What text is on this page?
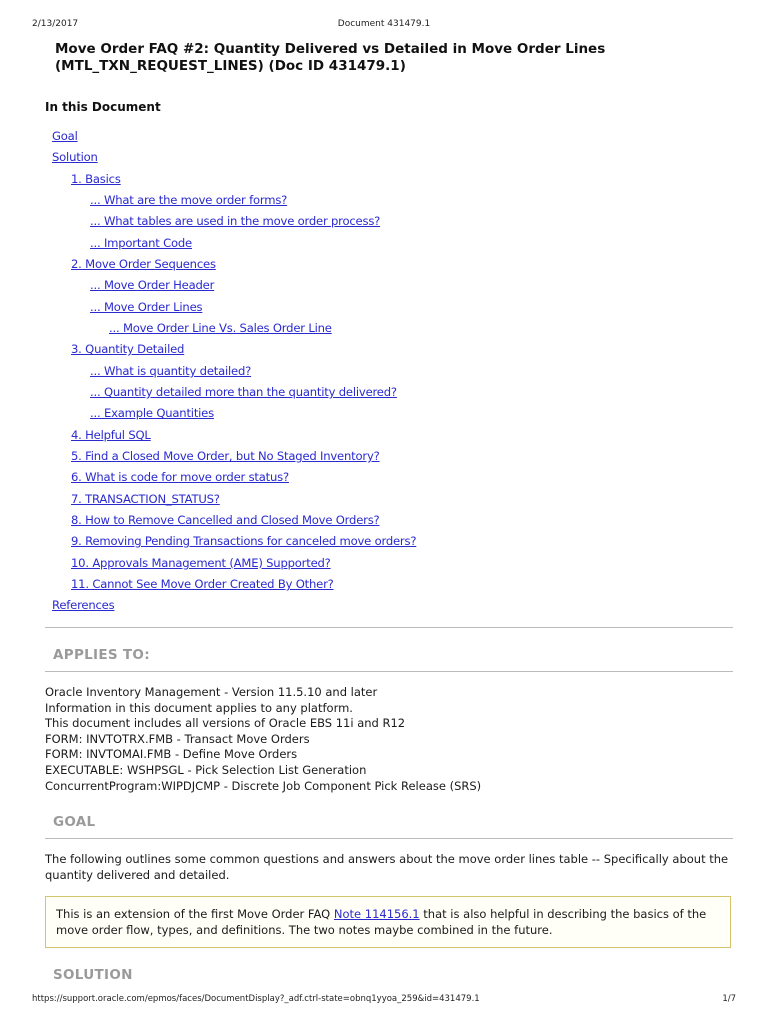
2/13/2017	Document 431479.1
Move Order FAQ #2: Quantity Delivered vs Detailed in Move Order Lines
(MTL_TXN_REQUEST_LINES) (Doc ID 431479.1)
In this Document
Goal
Solution
1. Basics
... What are the move order forms?
... What tables are used in the move order process?
... Important Code
2. Move Order Sequences
... Move Order Header
... Move Order Lines
... Move Order Line Vs. Sales Order Line
3. Quantity Detailed
... What is quantity detailed?
... Quantity detailed more than the quantity delivered?
... Example Quantities
4. Helpful SQL
5. Find a Closed Move Order, but No Staged Inventory?
6. What is code for move order status?
7. TRANSACTION_STATUS?
8. How to Remove Cancelled and Closed Move Orders?
9. Removing Pending Transactions for canceled move orders?
10. Approvals Management (AME) Supported?
11. Cannot See Move Order Created By Other?
References
APPLIES TO:
Oracle Inventory Management - Version 11.5.10 and later
Information in this document applies to any platform.
This document includes all versions of Oracle EBS 11i and R12
FORM: INVTOTRX.FMB - Transact Move Orders
FORM: INVTOMAI.FMB - Define Move Orders
EXECUTABLE: WSHPSGL - Pick Selection List Generation
ConcurrentProgram:WIPDJCMP - Discrete Job Component Pick Release (SRS)
GOAL
The following outlines some common questions and answers about the move order lines table -- Specifically about the quantity delivered and detailed.

This is an extension of the first Move Order FAQ Note 114156.1 that is also helpful in describing the basics of the move order flow, types, and definitions. The two notes maybe combined in the future.

SOLUTION
https://support.oracle.com/epmos/faces/DocumentDisplay?_adf.ctrl-state=obnq1yyoa_259&id=431479.1	1/7
